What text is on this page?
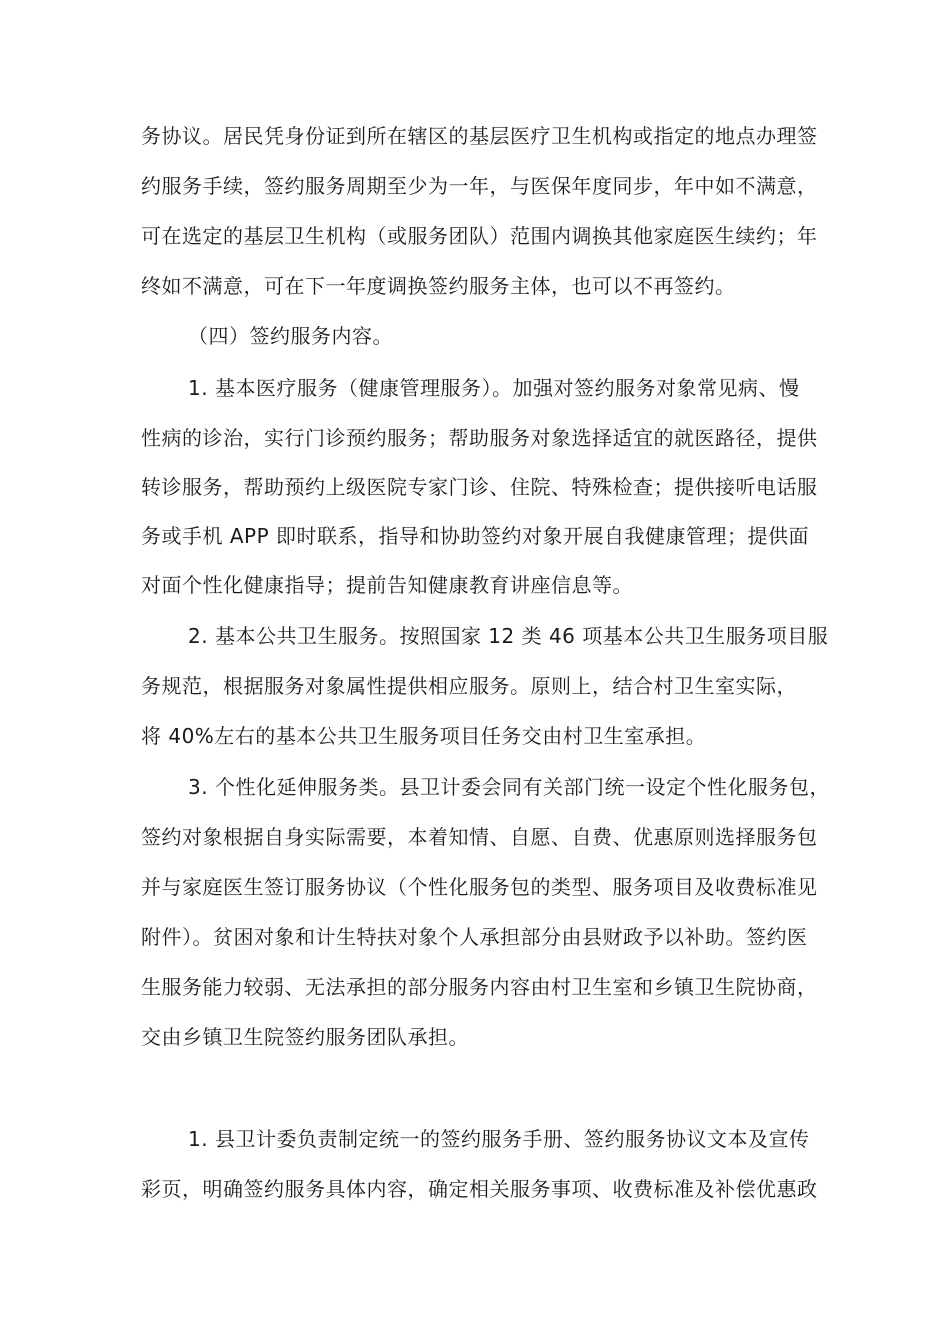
务协议。居民凭身份证到所在辖区的基层医疗卫生机构或指定的地点办理签
约服务手续，签约服务周期至少为一年，与医保年度同步，年中如不满意，
可在选定的基层卫生机构（或服务团队）范围内调换其他家庭医生续约；年
终如不满意，可在下一年度调换签约服务主体，也可以不再签约。
（四）签约服务内容。
1. 基本医疗服务（健康管理服务）。加强对签约服务对象常见病、慢
性病的诊治，实行门诊预约服务；帮助服务对象选择适宜的就医路径，提供
转诊服务，帮助预约上级医院专家门诊、住院、特殊检查；提供接听电话服
务或手机 APP 即时联系，指导和协助签约对象开展自我健康管理；提供面
对面个性化健康指导；提前告知健康教育讲座信息等。
2. 基本公共卫生服务。按照国家 12 类 46 项基本公共卫生服务项目服
务规范，根据服务对象属性提供相应服务。原则上，结合村卫生室实际，
将 40%左右的基本公共卫生服务项目任务交由村卫生室承担。
3. 个性化延伸服务类。县卫计委会同有关部门统一设定个性化服务包，
签约对象根据自身实际需要，本着知情、自愿、自费、优惠原则选择服务包
并与家庭医生签订服务协议（个性化服务包的类型、服务项目及收费标准见
附件）。贫困对象和计生特扶对象个人承担部分由县财政予以补助。签约医
生服务能力较弱、无法承担的部分服务内容由村卫生室和乡镇卫生院协商，
交由乡镇卫生院签约服务团队承担。
1. 县卫计委负责制定统一的签约服务手册、签约服务协议文本及宣传
彩页，明确签约服务具体内容，确定相关服务事项、收费标准及补偿优惠政
